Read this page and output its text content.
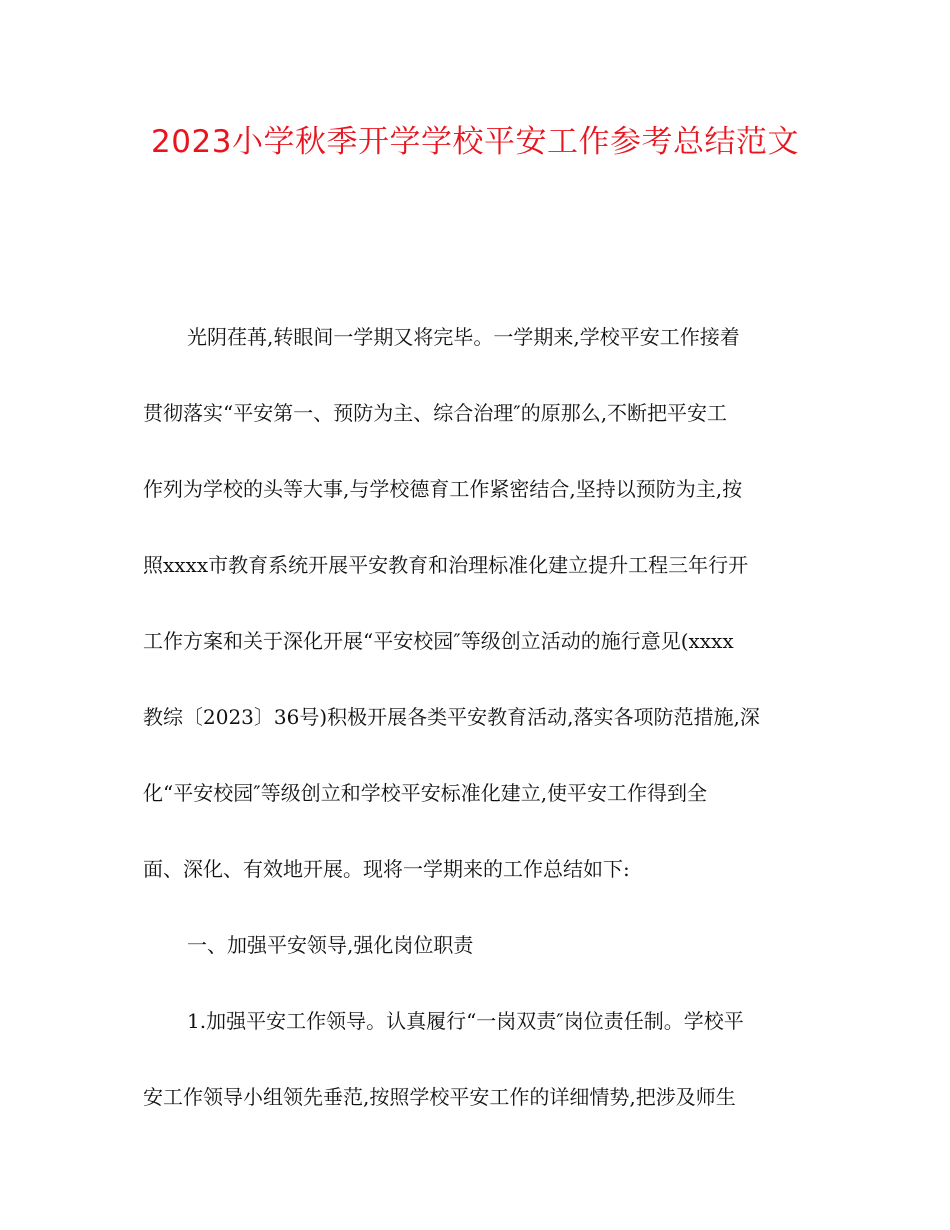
2023小学秋季开学学校平安工作参考总结范文
光阴荏苒,转眼间一学期又将完毕。一学期来,学校平安工作接着
贯彻落实“平安第一、预防为主、综合治理″的原那么,不断把平安工
作列为学校的头等大事,与学校德育工作紧密结合,坚持以预防为主,按
照xxxx市教育系统开展平安教育和治理标准化建立提升工程三年行开
工作方案和关于深化开展“平安校园″等级创立活动的施行意见(xxxx
教综〔2023〕36号)积极开展各类平安教育活动,落实各项防范措施,深
化“平安校园″等级创立和学校平安标准化建立,使平安工作得到全
面、深化、有效地开展。现将一学期来的工作总结如下:
一、加强平安领导,强化岗位职责
1.加强平安工作领导。认真履行“一岗双责″岗位责任制。学校平
安工作领导小组领先垂范,按照学校平安工作的详细情势,把涉及师生
